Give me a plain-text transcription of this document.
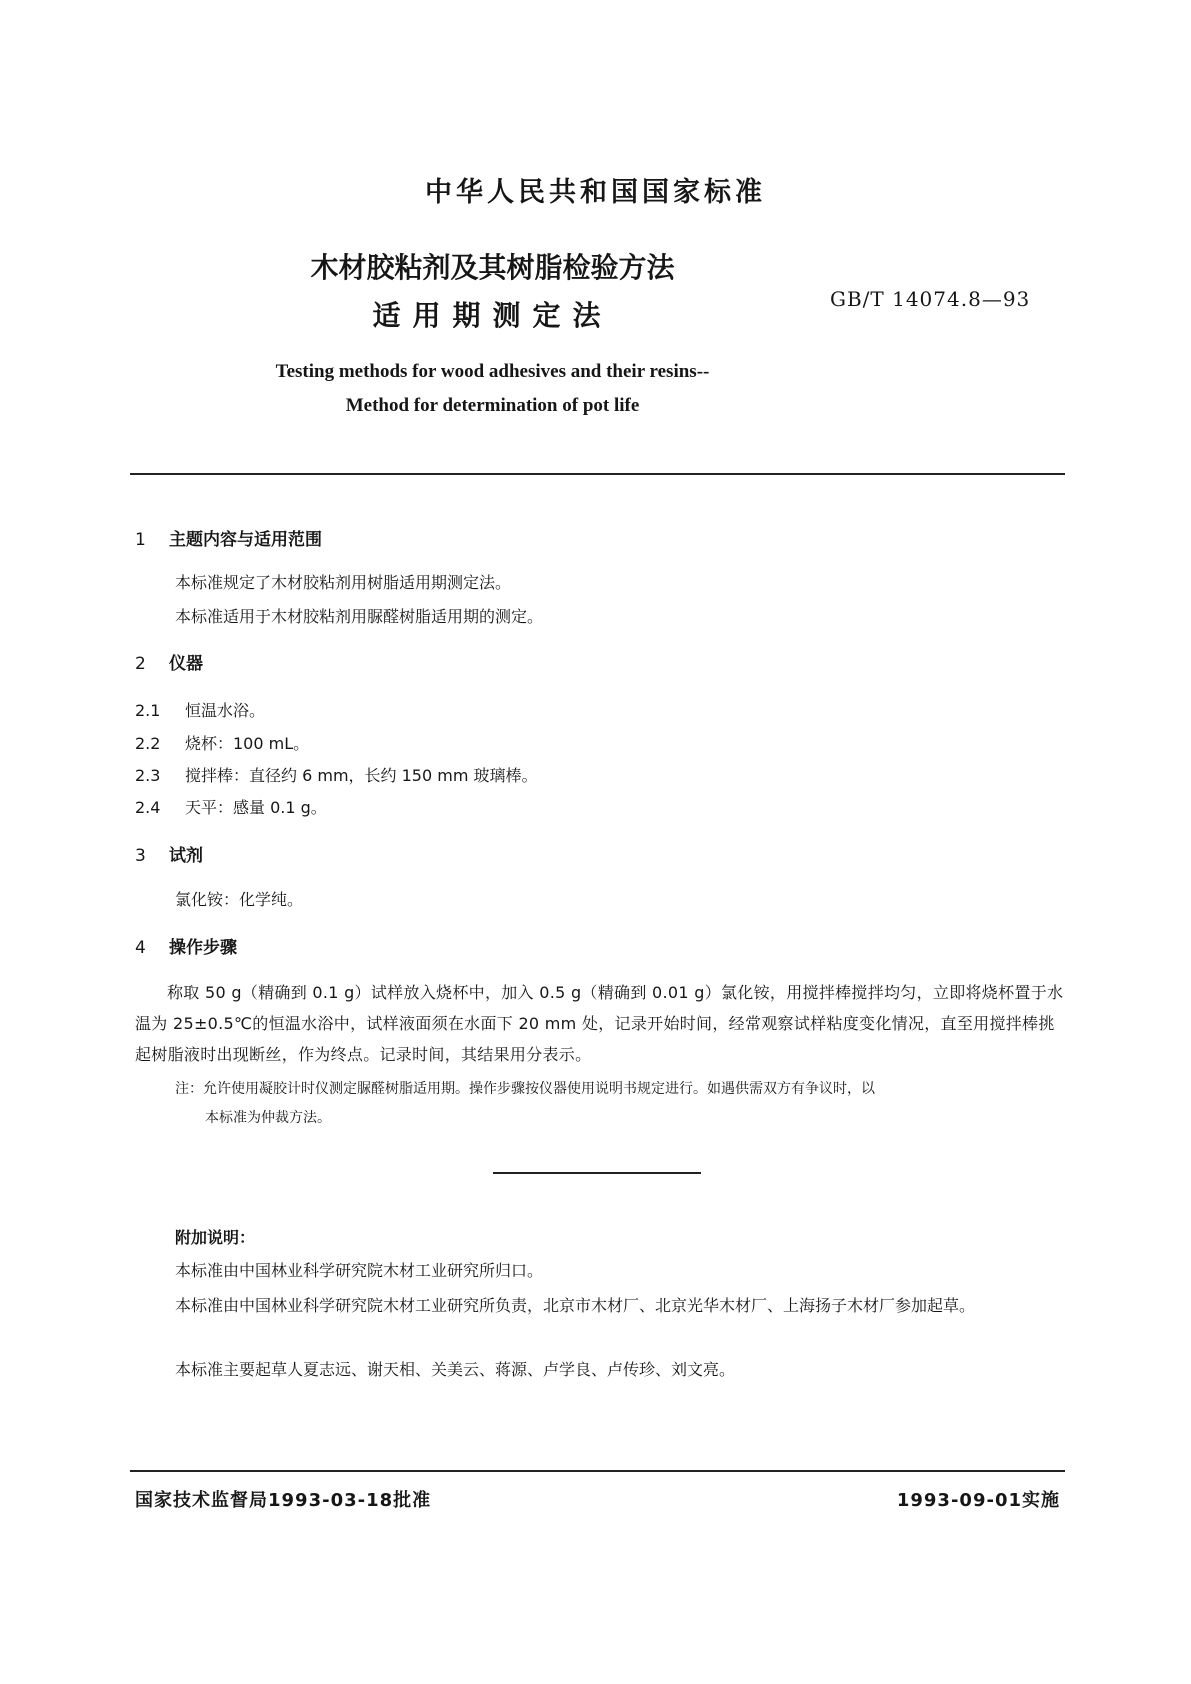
中华人民共和国国家标准
木材胶粘剂及其树脂检验方法
适用期测定法	GB/T 14074.8—93
Testing methods for wood adhesives and their resins--
Method for determination of pot life
1 主题内容与适用范围
本标准规定了木材胶粘剂用树脂适用期测定法。
本标准适用于木材胶粘剂用脲醛树脂适用期的测定。
2 仪器
2.1 恒温水浴。
2.2 烧杯：100 mL。
2.3 搅拌棒：直径约 6 mm，长约 150 mm 玻璃棒。
2.4 天平：感量 0.1 g。
3 试剂
氯化铵：化学纯。
4 操作步骤
称取 50 g（精确到 0.1 g）试样放入烧杯中，加入 0.5 g（精确到 0.01 g）氯化铵，用搅拌棒搅拌均匀，立即将烧杯置于水温为 25±0.5℃的恒温水浴中，试样液面须在水面下 20 mm 处，记录开始时间，经常观察试样粘度变化情况，直至用搅拌棒挑起树脂液时出现断丝，作为终点。记录时间，其结果用分表示。
注：允许使用凝胶计时仪测定脲醛树脂适用期。操作步骤按仪器使用说明书规定进行。如遇供需双方有争议时，以
本标准为仲裁方法。
附加说明：
本标准由中国林业科学研究院木材工业研究所归口。
本标准由中国林业科学研究院木材工业研究所负责，北京市木材厂、北京光华木材厂、上海扬子木材厂参加起草。
本标准主要起草人夏志远、谢天相、关美云、蒋源、卢学良、卢传珍、刘文亮。
国家技术监督局1993-03-18批准	1993-09-01实施
